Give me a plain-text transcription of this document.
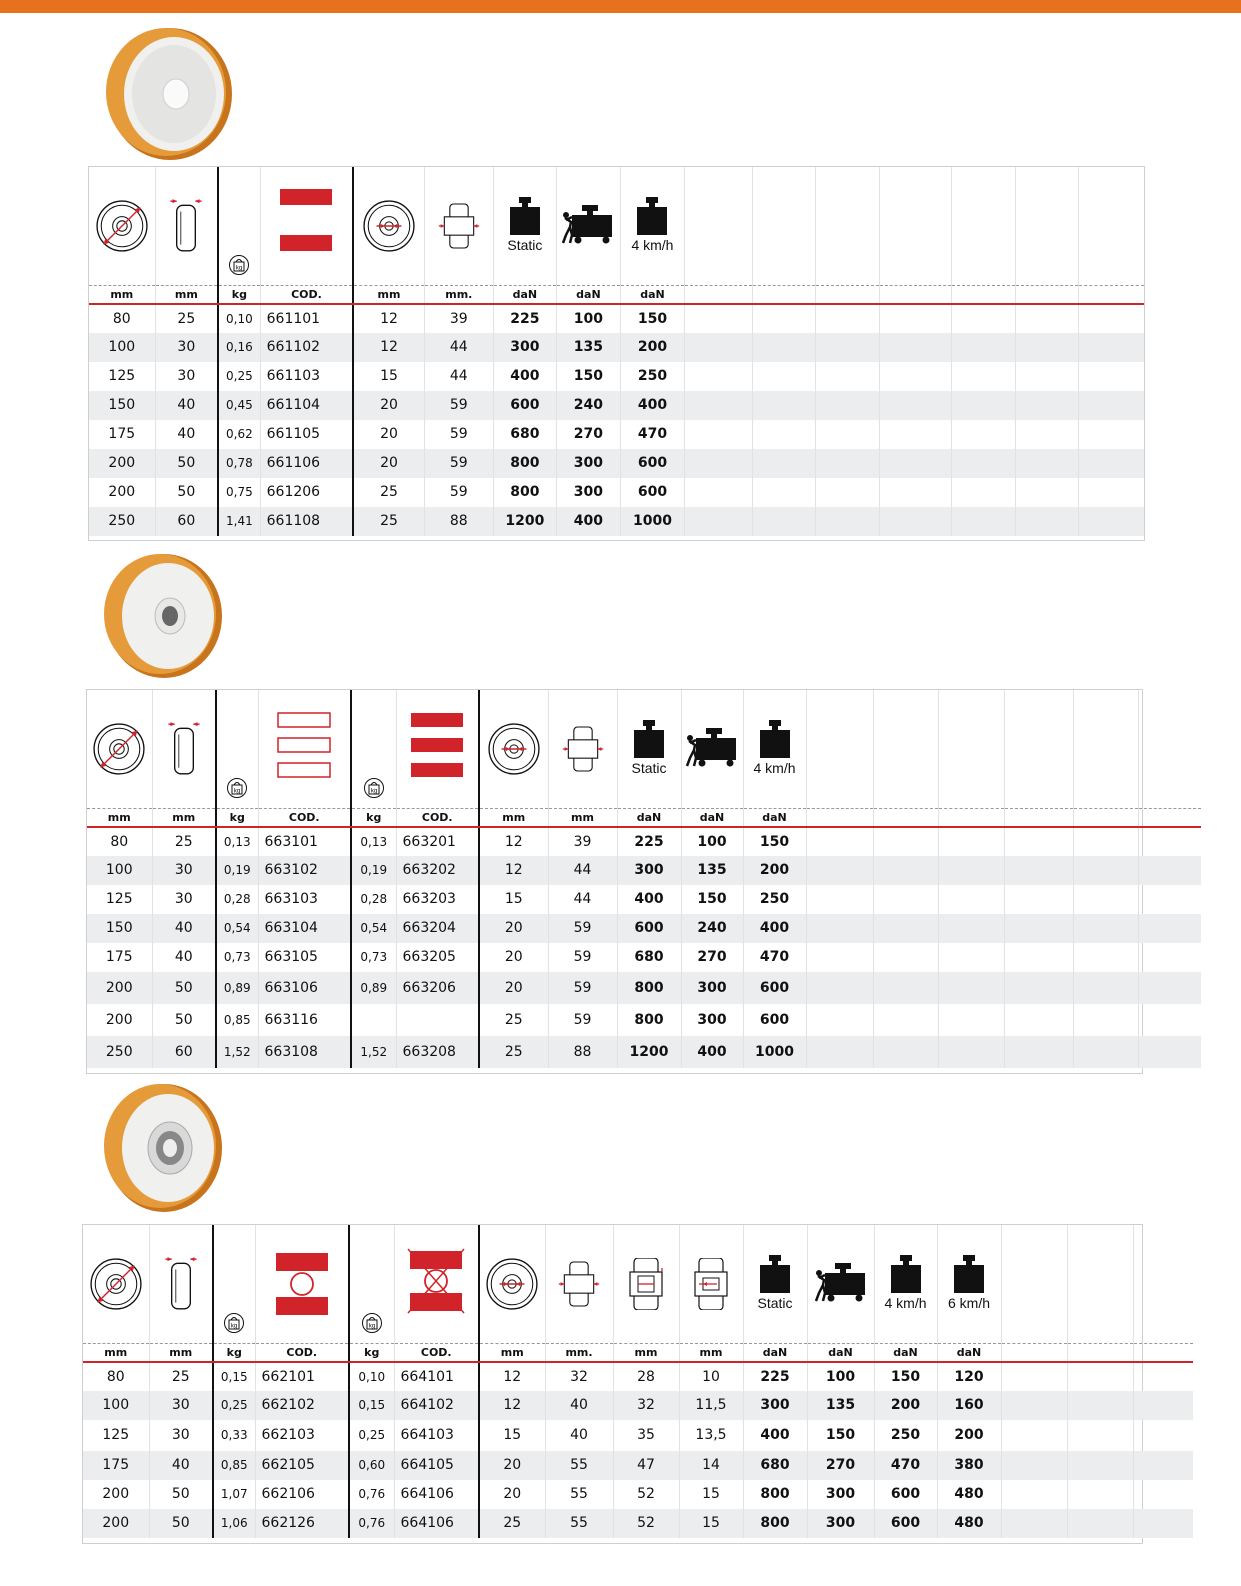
Static		4 km/h							
mm	mm	kg	COD.	mm	mm.	daN	daN	daN							
80	25	0,10	661101	12	39	225	100	150							
100	30	0,16	661102	12	44	300	135	200							
125	30	0,25	661103	15	44	400	150	250							
150	40	0,45	661104	20	59	600	240	400							
175	40	0,62	661105	20	59	680	270	470							
200	50	0,78	661106	20	59	800	300	600							
200	50	0,75	661206	25	59	800	300	600							
250	60	1,41	661108	25	88	1200	400	1000							

Static		4 km/h						
mm	mm	kg	COD.	kg	COD.	mm	mm	daN	daN	daN						
80	25	0,13	663101	0,13	663201	12	39	225	100	150						
100	30	0,19	663102	0,19	663202	12	44	300	135	200						
125	30	0,28	663103	0,28	663203	15	44	400	150	250						
150	40	0,54	663104	0,54	663204	20	59	600	240	400						
175	40	0,73	663105	0,73	663205	20	59	680	270	470						
200	50	0,89	663106	0,89	663206	20	59	800	300	600						
200	50	0,85	663116			25	59	800	300	600						
250	60	1,52	663108	1,52	663208	25	88	1200	400	1000						

Static		4 km/h	6 km/h			
mm	mm	kg	COD.	kg	COD.	mm	mm.	mm	mm	daN	daN	daN	daN			
80	25	0,15	662101	0,10	664101	12	32	28	10	225	100	150	120			
100	30	0,25	662102	0,15	664102	12	40	32	11,5	300	135	200	160			
125	30	0,33	662103	0,25	664103	15	40	35	13,5	400	150	250	200			
175	40	0,85	662105	0,60	664105	20	55	47	14	680	270	470	380			
200	50	1,07	662106	0,76	664106	20	55	52	15	800	300	600	480			
200	50	1,06	662126	0,76	664106	25	55	52	15	800	300	600	480			
